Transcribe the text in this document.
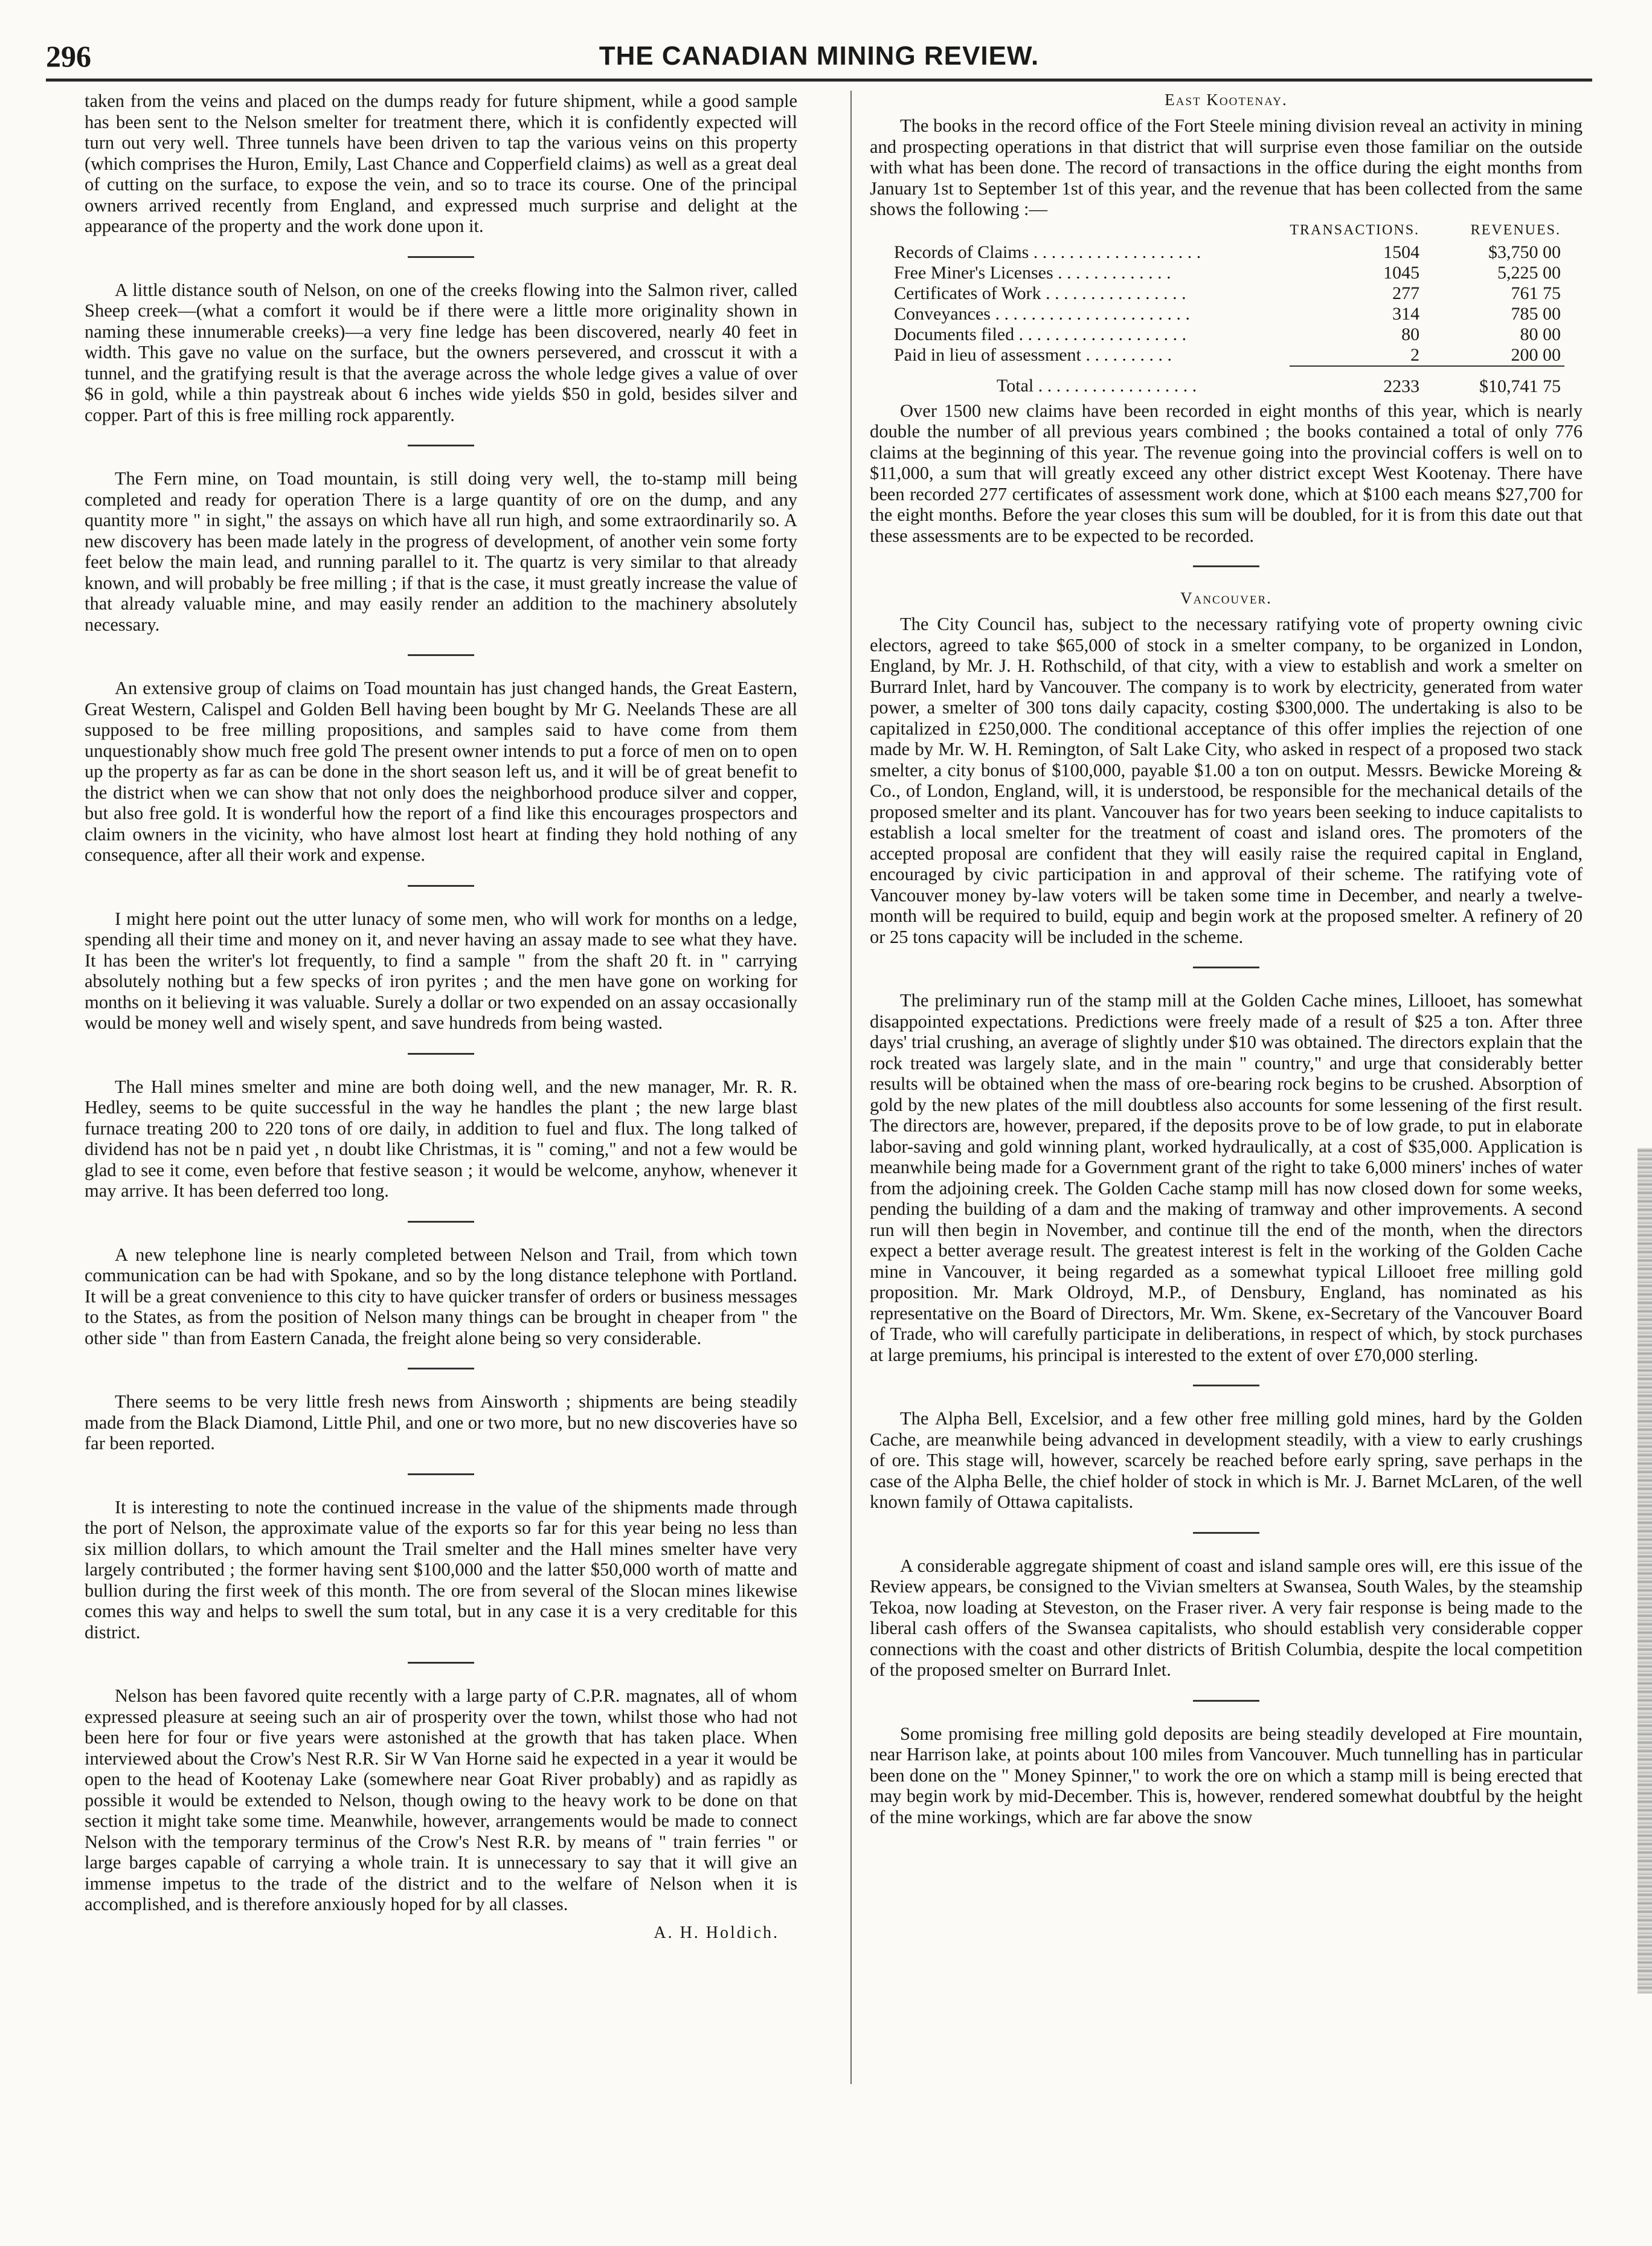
296	THE CANADIAN MINING REVIEW.

taken from the veins and placed on the dumps ready for future shipment, while a good sample has been sent to the Nelson smelter for treatment there, which it is confidently expected will turn out very well. Three tunnels have been driven to tap the various veins on this property (which comprises the Huron, Emily, Last Chance and Copperfield claims) as well as a great deal of cutting on the surface, to expose the vein, and so to trace its course. One of the principal owners arrived recently from England, and expressed much surprise and delight at the appearance of the property and the work done upon it.

A little distance south of Nelson, on one of the creeks flowing into the Salmon river, called Sheep creek—(what a comfort it would be if there were a little more originality shown in naming these innumerable creeks)—a very fine ledge has been discovered, nearly 40 feet in width. This gave no value on the surface, but the owners persevered, and crosscut it with a tunnel, and the gratifying result is that the average across the whole ledge gives a value of over $6 in gold, while a thin paystreak about 6 inches wide yields $50 in gold, besides silver and copper. Part of this is free milling rock apparently.

The Fern mine, on Toad mountain, is still doing very well, the to-stamp mill being completed and ready for operation There is a large quantity of ore on the dump, and any quantity more " in sight," the assays on which have all run high, and some extraordinarily so. A new discovery has been made lately in the progress of development, of another vein some forty feet below the main lead, and running parallel to it. The quartz is very similar to that already known, and will probably be free milling ; if that is the case, it must greatly increase the value of that already valuable mine, and may easily render an addition to the machinery absolutely necessary.

An extensive group of claims on Toad mountain has just changed hands, the Great Eastern, Great Western, Calispel and Golden Bell having been bought by Mr G. Neelands These are all supposed to be free milling propositions, and samples said to have come from them unquestionably show much free gold The present owner intends to put a force of men on to open up the property as far as can be done in the short season left us, and it will be of great benefit to the district when we can show that not only does the neighborhood produce silver and copper, but also free gold. It is wonderful how the report of a find like this encourages prospectors and claim owners in the vicinity, who have almost lost heart at finding they hold nothing of any consequence, after all their work and expense.

I might here point out the utter lunacy of some men, who will work for months on a ledge, spending all their time and money on it, and never having an assay made to see what they have. It has been the writer's lot frequently, to find a sample " from the shaft 20 ft. in " carrying absolutely nothing but a few specks of iron pyrites ; and the men have gone on working for months on it believing it was valuable. Surely a dollar or two expended on an assay occasionally would be money well and wisely spent, and save hundreds from being wasted.

The Hall mines smelter and mine are both doing well, and the new manager, Mr. R. R. Hedley, seems to be quite successful in the way he handles the plant ; the new large blast furnace treating 200 to 220 tons of ore daily, in addition to fuel and flux. The long talked of dividend has not be n paid yet , n doubt like Christmas, it is " coming," and not a few would be glad to see it come, even before that festive season ; it would be welcome, anyhow, whenever it may arrive. It has been deferred too long.

A new telephone line is nearly completed between Nelson and Trail, from which town communication can be had with Spokane, and so by the long distance telephone with Portland. It will be a great convenience to this city to have quicker transfer of orders or business messages to the States, as from the position of Nelson many things can be brought in cheaper from " the other side " than from Eastern Canada, the freight alone being so very considerable.

There seems to be very little fresh news from Ainsworth ; shipments are being steadily made from the Black Diamond, Little Phil, and one or two more, but no new discoveries have so far been reported.

It is interesting to note the continued increase in the value of the shipments made through the port of Nelson, the approximate value of the exports so far for this year being no less than six million dollars, to which amount the Trail smelter and the Hall mines smelter have very largely contributed ; the former having sent $100,000 and the latter $50,000 worth of matte and bullion during the first week of this month. The ore from several of the Slocan mines likewise comes this way and helps to swell the sum total, but in any case it is a very creditable for this district.

Nelson has been favored quite recently with a large party of C.P.R. magnates, all of whom expressed pleasure at seeing such an air of prosperity over the town, whilst those who had not been here for four or five years were astonished at the growth that has taken place. When interviewed about the Crow's Nest R.R. Sir W Van Horne said he expected in a year it would be open to the head of Kootenay Lake (somewhere near Goat River probably) and as rapidly as possible it would be extended to Nelson, though owing to the heavy work to be done on that section it might take some time. Meanwhile, however, arrangements would be made to connect Nelson with the temporary terminus of the Crow's Nest R.R. by means of " train ferries " or large barges capable of carrying a whole train. It is unnecessary to say that it will give an immense impetus to the trade of the district and to the welfare of Nelson when it is accomplished, and is therefore anxiously hoped for by all classes.

A. H. Holdich.
East Kootenay.

The books in the record office of the Fort Steele mining division reveal an activity in mining and prospecting operations in that district that will surprise even those familiar on the outside with what has been done. The record of transactions in the office during the eight months from January 1st to September 1st of this year, and the revenue that has been collected from the same shows the following :—

	TRANSACTIONS.	REVENUES.
Records of Claims . . . . . . . . . . . . . . . . . . .	1504	$3,750 00
Free Miner's Licenses . . . . . . . . . . . . .	1045	5,225 00
Certificates of Work . . . . . . . . . . . . . . . .	277	761 75
Conveyances . . . . . . . . . . . . . . . . . . . . . .	314	785 00
Documents filed . . . . . . . . . . . . . . . . . . .	80	80 00
Paid in lieu of assessment . . . . . . . . . .	2	200 00
Total . . . . . . . . . . . . . . . . . .	2233	$10,741 75

Over 1500 new claims have been recorded in eight months of this year, which is nearly double the number of all previous years combined ; the books contained a total of only 776 claims at the beginning of this year. The revenue going into the provincial coffers is well on to $11,000, a sum that will greatly exceed any other district except West Kootenay. There have been recorded 277 certificates of assessment work done, which at $100 each means $27,700 for the eight months. Before the year closes this sum will be doubled, for it is from this date out that these assessments are to be expected to be recorded.

Vancouver.

The City Council has, subject to the necessary ratifying vote of property owning civic electors, agreed to take $65,000 of stock in a smelter company, to be organized in London, England, by Mr. J. H. Rothschild, of that city, with a view to establish and work a smelter on Burrard Inlet, hard by Vancouver. The company is to work by electricity, generated from water power, a smelter of 300 tons daily capacity, costing $300,000. The undertaking is also to be capitalized in £250,000. The conditional acceptance of this offer implies the rejection of one made by Mr. W. H. Remington, of Salt Lake City, who asked in respect of a proposed two stack smelter, a city bonus of $100,000, payable $1.00 a ton on output. Messrs. Bewicke Moreing & Co., of London, England, will, it is understood, be responsible for the mechanical details of the proposed smelter and its plant. Vancouver has for two years been seeking to induce capitalists to establish a local smelter for the treatment of coast and island ores. The promoters of the accepted proposal are confident that they will easily raise the required capital in England, encouraged by civic participation in and approval of their scheme. The ratifying vote of Vancouver money by-law voters will be taken some time in December, and nearly a twelve-month will be required to build, equip and begin work at the proposed smelter. A refinery of 20 or 25 tons capacity will be included in the scheme.

The preliminary run of the stamp mill at the Golden Cache mines, Lillooet, has somewhat disappointed expectations. Predictions were freely made of a result of $25 a ton. After three days' trial crushing, an average of slightly under $10 was obtained. The directors explain that the rock treated was largely slate, and in the main " country," and urge that considerably better results will be obtained when the mass of ore-bearing rock begins to be crushed. Absorption of gold by the new plates of the mill doubtless also accounts for some lessening of the first result. The directors are, however, prepared, if the deposits prove to be of low grade, to put in elaborate labor-saving and gold winning plant, worked hydraulically, at a cost of $35,000. Application is meanwhile being made for a Government grant of the right to take 6,000 miners' inches of water from the adjoining creek. The Golden Cache stamp mill has now closed down for some weeks, pending the building of a dam and the making of tramway and other improvements. A second run will then begin in November, and continue till the end of the month, when the directors expect a better average result. The greatest interest is felt in the working of the Golden Cache mine in Vancouver, it being regarded as a somewhat typical Lillooet free milling gold proposition. Mr. Mark Oldroyd, M.P., of Densbury, England, has nominated as his representative on the Board of Directors, Mr. Wm. Skene, ex-Secretary of the Vancouver Board of Trade, who will carefully participate in deliberations, in respect of which, by stock purchases at large premiums, his principal is interested to the extent of over £70,000 sterling.

The Alpha Bell, Excelsior, and a few other free milling gold mines, hard by the Golden Cache, are meanwhile being advanced in development steadily, with a view to early crushings of ore. This stage will, however, scarcely be reached before early spring, save perhaps in the case of the Alpha Belle, the chief holder of stock in which is Mr. J. Barnet McLaren, of the well known family of Ottawa capitalists.

A considerable aggregate shipment of coast and island sample ores will, ere this issue of the Review appears, be consigned to the Vivian smelters at Swansea, South Wales, by the steamship Tekoa, now loading at Steveston, on the Fraser river. A very fair response is being made to the liberal cash offers of the Swansea capitalists, who should establish very considerable copper connections with the coast and other districts of British Columbia, despite the local competition of the proposed smelter on Burrard Inlet.

Some promising free milling gold deposits are being steadily developed at Fire mountain, near Harrison lake, at points about 100 miles from Vancouver. Much tunnelling has in particular been done on the " Money Spinner," to work the ore on which a stamp mill is being erected that may begin work by mid-December. This is, however, rendered somewhat doubtful by the height of the mine workings, which are far above the snow
